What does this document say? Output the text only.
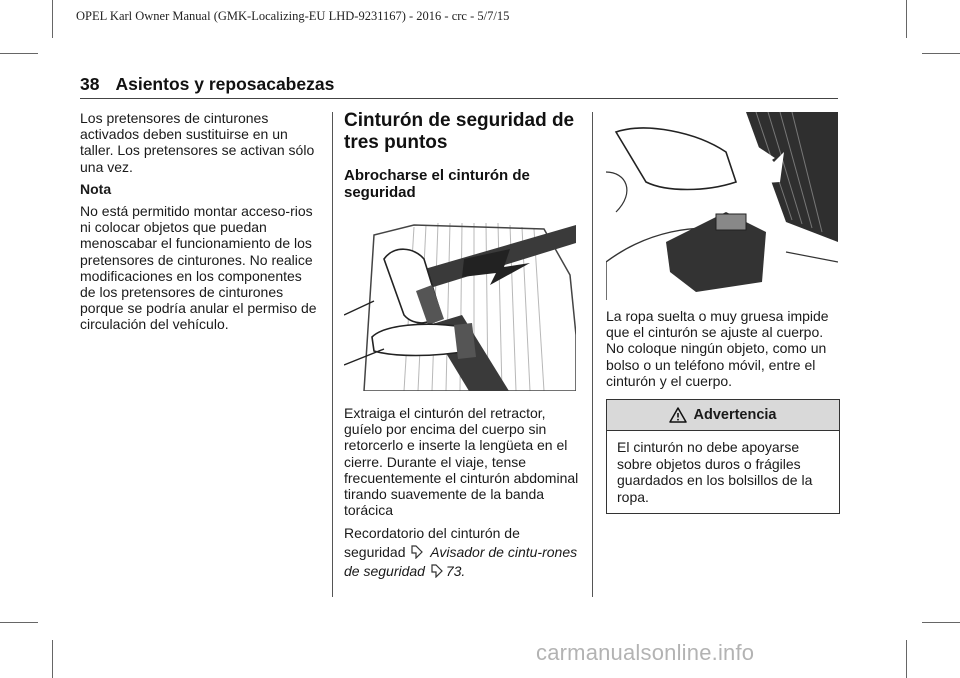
OPEL Karl Owner Manual (GMK-Localizing-EU LHD-9231167) - 2016 - crc - 5/7/15
38 Asientos y reposacabezas

Los pretensores de cinturones activados deben sustituirse en un taller. Los pretensores se activan sólo una vez.

Nota

No está permitido montar acceso-rios ni colocar objetos que puedan menoscabar el funcionamiento de los pretensores de cinturones. No realice modificaciones en los componentes de los pretensores de cinturones porque se podría anular el permiso de circulación del vehículo.

Cinturón de seguridad de tres puntos
Abrocharse el cinturón de seguridad

Extraiga el cinturón del retractor, guíelo por encima del cuerpo sin retorcerlo e inserte la lengüeta en el cierre. Durante el viaje, tense frecuentemente el cinturón abdominal tirando suavemente de la banda torácica

Recordatorio del cinturón de seguridad Avisador de cintu-rones de seguridad 73.

La ropa suelta o muy gruesa impide que el cinturón se ajuste al cuerpo. No coloque ningún objeto, como un bolso o un teléfono móvil, entre el cinturón y el cuerpo.

Advertencia
El cinturón no debe apoyarse sobre objetos duros o frágiles guardados en los bolsillos de la ropa.
carmanualsonline.info
